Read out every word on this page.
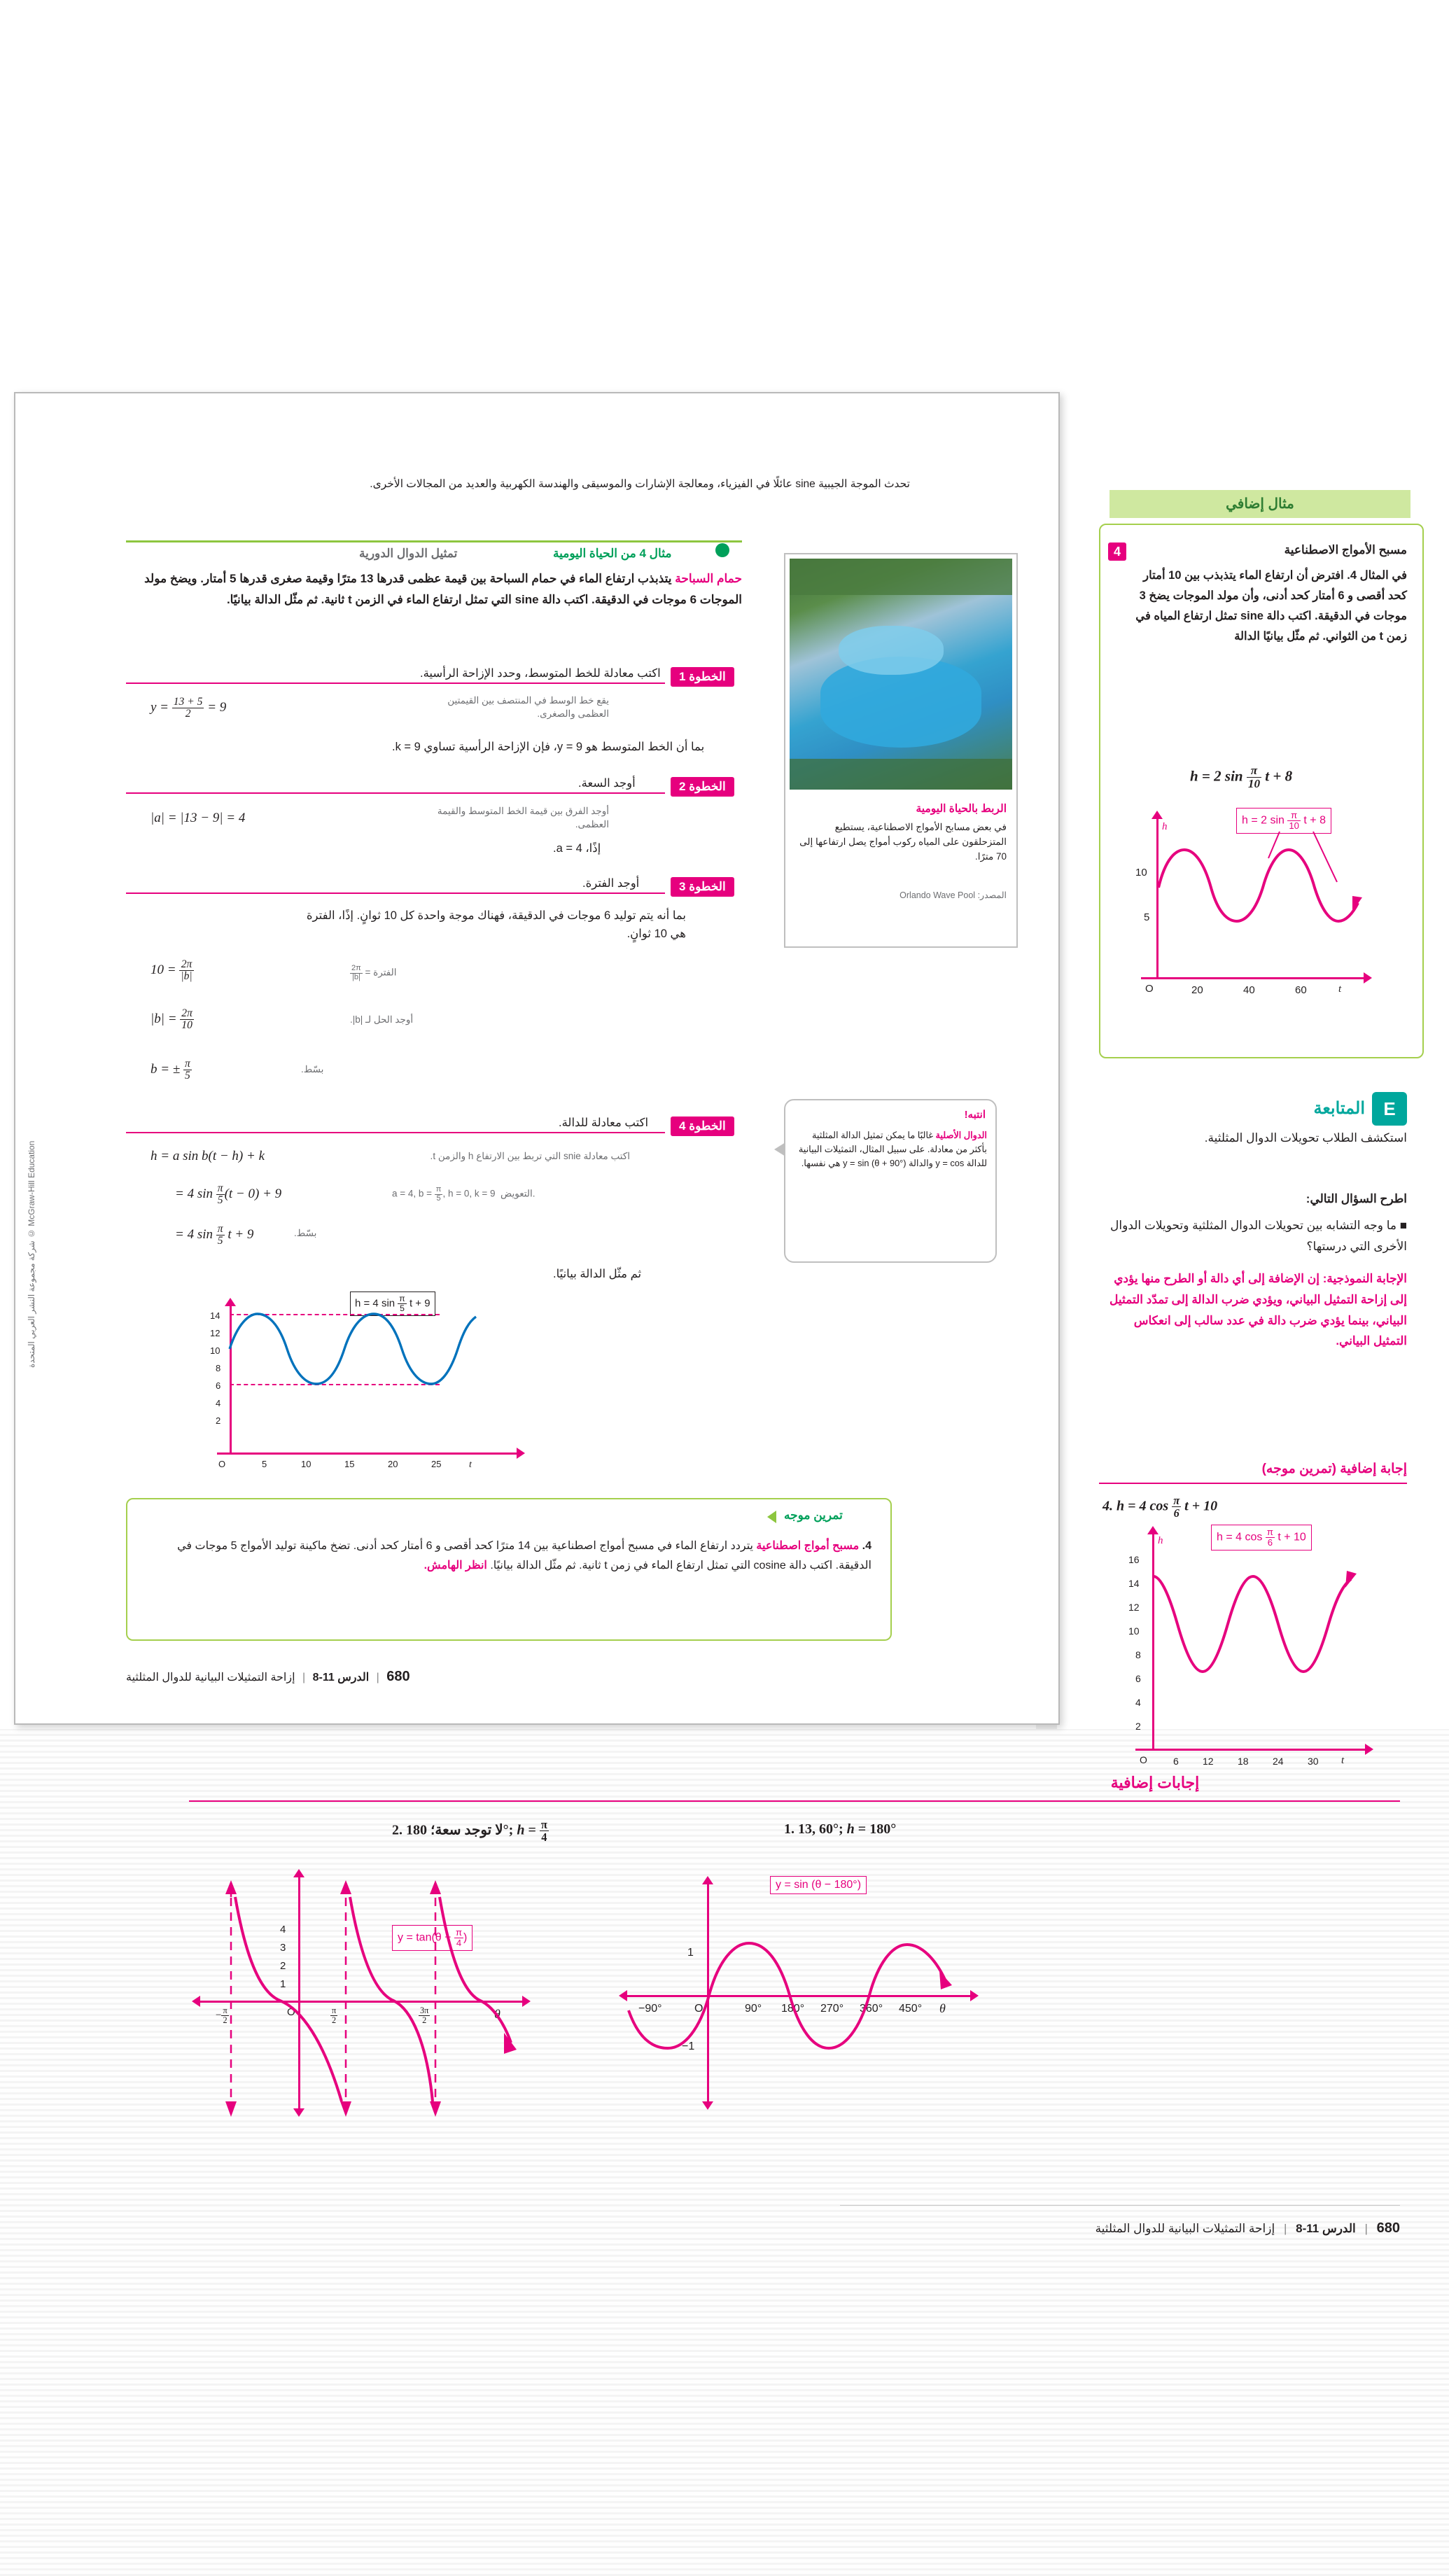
تحدث الموجة الجيبية sine عائلًا في الفيزياء، ومعالجة الإشارات والموسيقى والهندسة الكهربية والعديد من المجالات الأخرى.
مثال 4 من الحياة اليومية
تمثيل الدوال الدورية
حمام السباحة يتذبذب ارتفاع الماء في حمام السباحة بين قيمة عظمى قدرها 13 مترًا وقيمة صغرى قدرها 5 أمتار. ويضخ مولد الموجات 6 موجات في الدقيقة. اكتب دالة sine التي تمثل ارتفاع الماء في الزمن t ثانية. ثم مثّل الدالة بيانيًا.
الخطوة 1
اكتب معادلة للخط المتوسط، وحدد الإزاحة الرأسية.
$y = \frac{13 + 5}{2} = 9$	يقع خط الوسط في المنتصف بين القيمتين العظمى والصغرى.
بما أن الخط المتوسط هو y = 9، فإن الإزاحة الرأسية تساوي k = 9.
الخطوة 2
أوجد السعة.
|a| = |13 − 9| = 4	أوجد الفرق بين قيمة الخط المتوسط والقيمة العظمى.
إذًا، a = 4.
الخطوة 3
أوجد الفترة.
بما أنه يتم توليد 6 موجات في الدقيقة، فهناك موجة واحدة كل 10 ثوانٍ. إذًا، الفترة هي 10 ثوانٍ.
$10 = \frac{2\pi}{|b|}$	الفترة =
$\frac{2\pi}{|b|}$
$|b| = \frac{2\pi}{10}$	أوجد الحل لـ |b|.
b = ± $\frac{\pi}{5}$	بسّط.
الخطوة 4
اكتب معادلة للدالة.
h = a sin b(t − h) + k	اكتب معادلة snie التي تربط بين الارتفاع h والزمن t.
= 4 $\sin \frac{\pi}{5} (t - 0) + 9$	a = 4, $b = \frac{\pi}{5}$ , h = 0, k = 9  التعويض.
= 4 $\sin \frac{\pi}{5}$ t + 9	بسّط.
ثم مثّل الدالة بيانيًا.
h = 4 $\sin \frac{\pi}{5}$ t + 9
14
12
10
8
6
4
2
O	5	10	15	20	25	t
الربط بالحياة اليومية
في بعض مسابح الأمواج الاصطناعية، يستطيع المتزحلقون على المياه ركوب أمواج يصل ارتفاعها إلى 70 مترًا.
المصدر: Orlando Wave Pool
انتبه!
الدوال الأصلية غالبًا ما يمكن تمثيل الدالة المثلثية بأكثر من معادلة. على سبيل المثال، التمثيلات البيانية للدالة y = cos والدالة y = sin (θ + 90°) هي نفسها.
تمرين موجه
4. مسبح أمواج اصطناعية يتردد ارتفاع الماء في مسبح أمواج اصطناعية بين 14 مترًا كحد أقصى و 6 أمتار كحد أدنى. تضخ ماكينة توليد الأمواج 5 موجات في الدقيقة. اكتب دالة cosine التي تمثل ارتفاع الماء في زمن t ثانية. ثم مثّل الدالة بيانيًا. انظر الهامش.
680 | الدرس 11-8 | إزاحة التمثيلات البيانية للدوال المثلثية
McGraw-Hill Education © شركة مجموعة النشر العربي المتحدة
مثال إضافي
4	مسبح الأمواج الاصطناعية
في المثال 4. افترض أن ارتفاع الماء يتذبذب بين 10 أمتار كحد أقصى و 6 أمتار كحد أدنى، وأن مولد الموجات يضخ 3 موجات في الدقيقة. اكتب دالة sine تمثل ارتفاع المياه في زمن t من الثواني. ثم مثّل بيانيًا الدالة
h = 2 $\sin \frac{\pi}{10}$ t + 8
h = 2 $\sin \frac{\pi}{10}$ t + 8
h
10
5
O	20	40	60	t
E
المتابعة
استكشف الطلاب تحويلات الدوال المثلثية.
اطرح السؤال التالي:
■ ما وجه التشابه بين تحويلات الدوال المثلثية وتحويلات الدوال الأخرى التي درستها؟
الإجابة النموذجية: إن الإضافة إلى أي دالة أو الطرح منها يؤدي إلى إزاحة التمثيل البياني، ويؤدي ضرب الدالة إلى تمدّد التمثيل البياني، بينما يؤدي ضرب دالة في عدد سالب إلى انعكاس التمثيل البياني.
إجابة إضافية (تمرين موجه)
4. h = 4 $\cos \frac{\pi}{6}$ t + 10
h = 4 $\cos \frac{\pi}{6}$ t + 10
h
16
14
12
10
8
6
4
2
O	6 12 18 24 30 t
إجابات إضافية
1. 13, 60°; h = 180°
2. لا توجد سعة؛ 180°; $h = \frac{\pi}{4}$
y = sin (θ − 180°)
1
−1
−90°	O	90° 180° 270° 360° 450° θ
$y = \tan(\theta - \frac{\pi}{4}$ )
4
3
2
1
O
− $\frac{\pi}{2}$	$\frac{\pi}{2}$	$\frac{3\pi}{2}$	θ
680 | الدرس 11-8 | إزاحة التمثيلات البيانية للدوال المثلثية
